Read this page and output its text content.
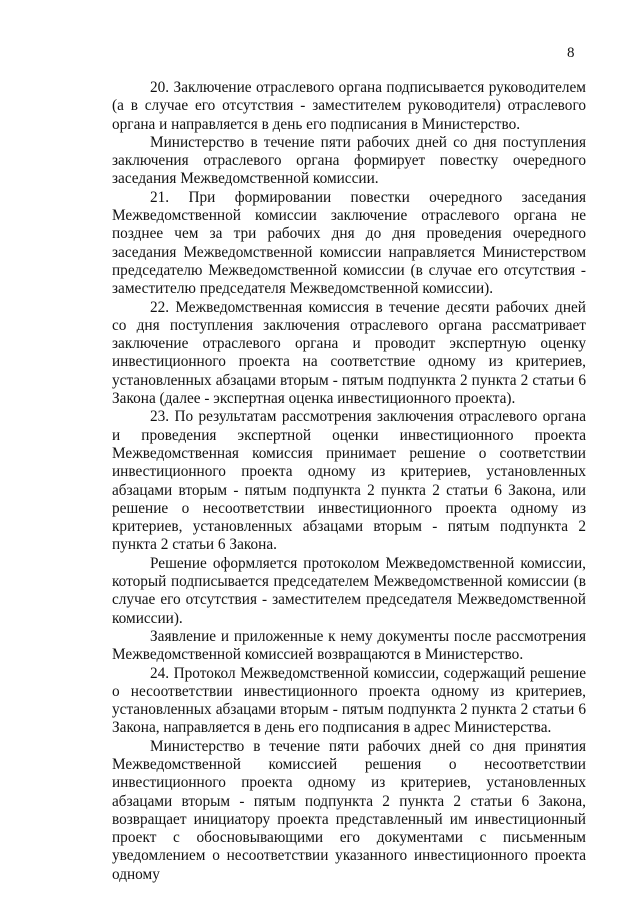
8

20. Заключение отраслевого органа подписывается руководителем (а в случае его отсутствия - заместителем руководителя) отраслевого органа и направляется в день его подписания в Министерство.

Министерство в течение пяти рабочих дней со дня поступления заключения отраслевого органа формирует повестку очередного заседания Межведомственной комиссии.

21. При формировании повестки очередного заседания Межведомственной комиссии заключение отраслевого органа не позднее чем за три рабочих дня до дня проведения очередного заседания Межведомственной комиссии направляется Министерством председателю Межведомственной комиссии (в случае его отсутствия - заместителю председателя Межведомственной комиссии).

22. Межведомственная комиссия в течение десяти рабочих дней со дня поступления заключения отраслевого органа рассматривает заключение отраслевого органа и проводит экспертную оценку инвестиционного проекта на соответствие одному из критериев, установленных абзацами вторым - пятым подпункта 2 пункта 2 статьи 6 Закона (далее - экспертная оценка инвестиционного проекта).

23. По результатам рассмотрения заключения отраслевого органа и проведения экспертной оценки инвестиционного проекта Межведомственная комиссия принимает решение о соответствии инвестиционного проекта одному из критериев, установленных абзацами вторым - пятым подпункта 2 пункта 2 статьи 6 Закона, или решение о несоответствии инвестиционного проекта одному из критериев, установленных абзацами вторым - пятым подпункта 2 пункта 2 статьи 6 Закона.

Решение оформляется протоколом Межведомственной комиссии, который подписывается председателем Межведомственной комиссии (в случае его отсутствия - заместителем председателя Межведомственной комиссии).

Заявление и приложенные к нему документы после рассмотрения Межведомственной комиссией возвращаются в Министерство.

24. Протокол Межведомственной комиссии, содержащий решение о несоответствии инвестиционного проекта одному из критериев, установленных абзацами вторым - пятым подпункта 2 пункта 2 статьи 6 Закона, направляется в день его подписания в адрес Министерства.

Министерство в течение пяти рабочих дней со дня принятия Межведомственной комиссией решения о несоответствии инвестиционного проекта одному из критериев, установленных абзацами вторым - пятым подпункта 2 пункта 2 статьи 6 Закона, возвращает инициатору проекта представленный им инвестиционный проект с обосновывающими его документами с письменным уведомлением о несоответствии указанного инвестиционного проекта одному
